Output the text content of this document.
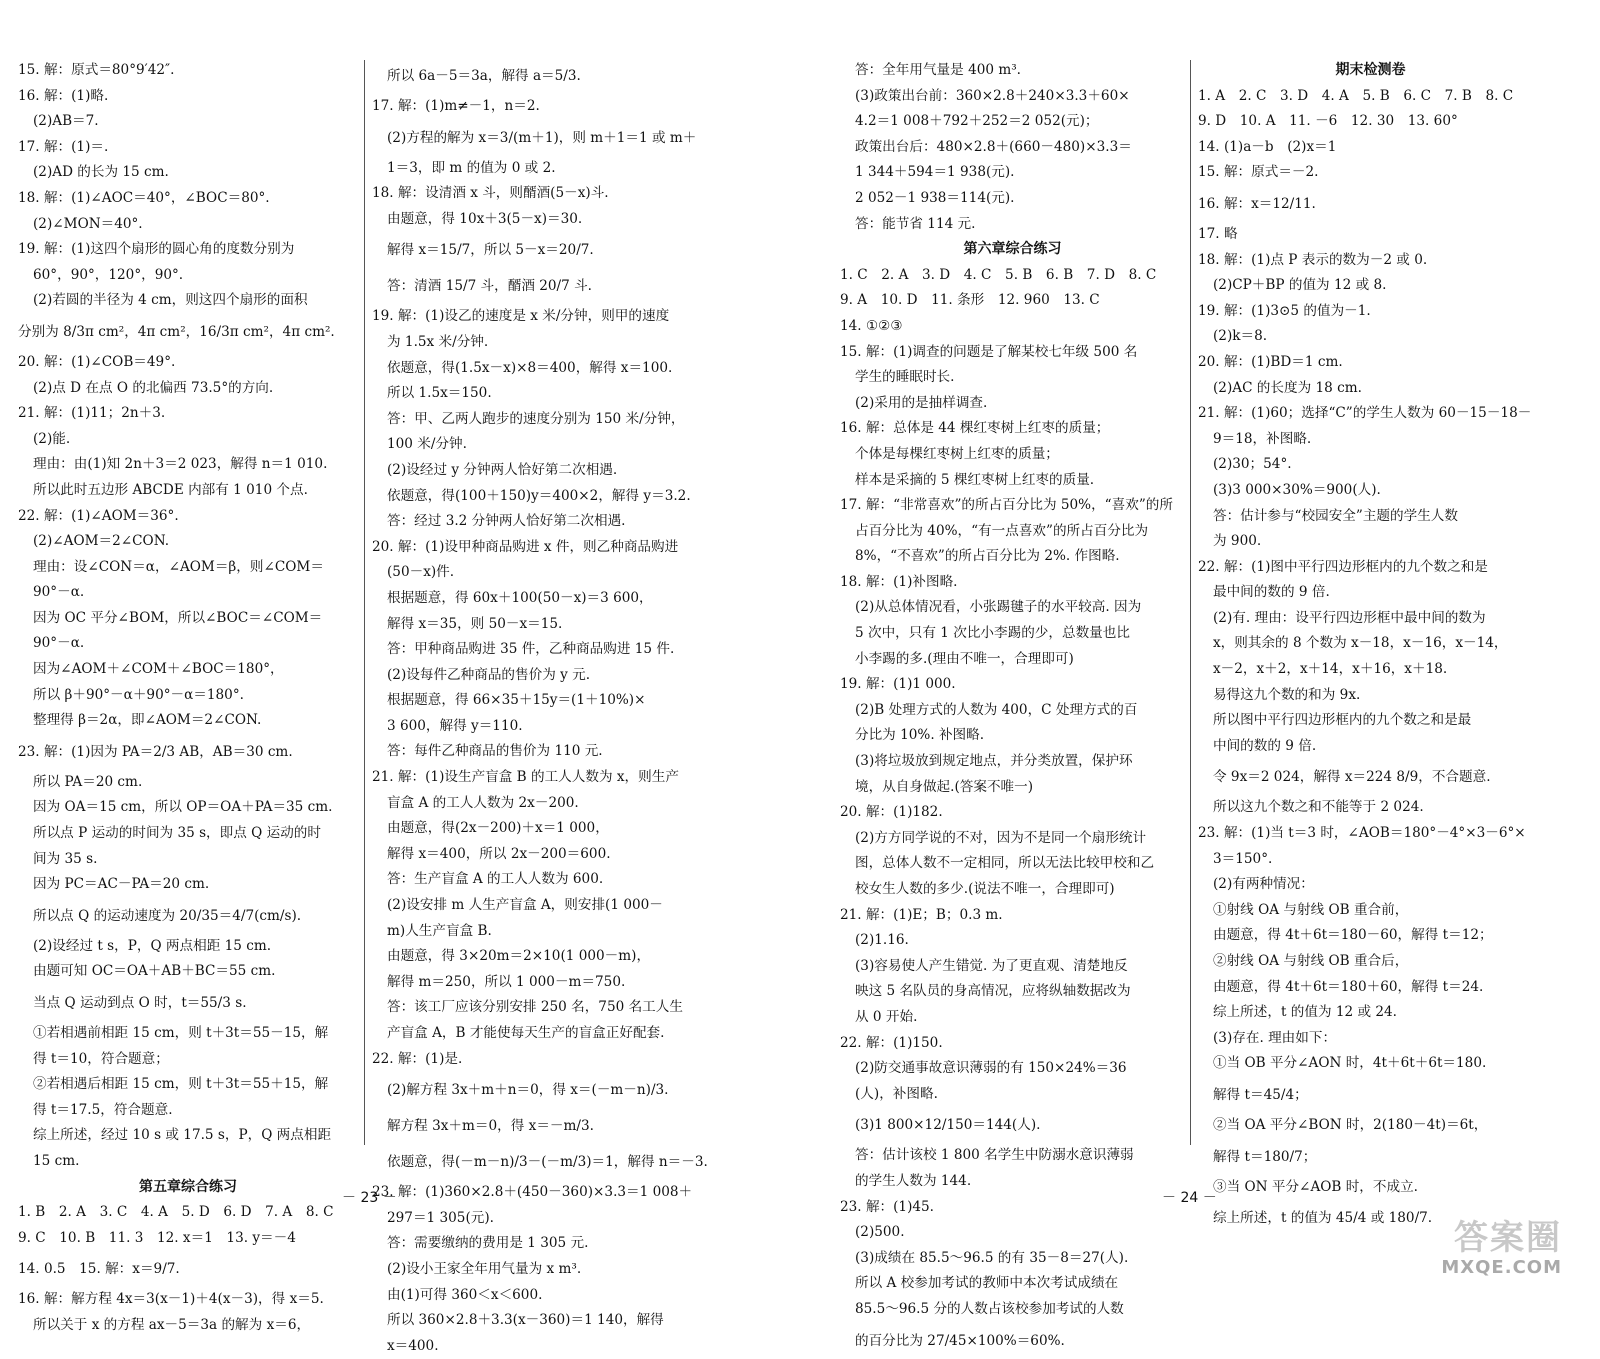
15. 解：原式＝80°9′42″.
16. 解：(1)略.
(2)AB＝7.
17. 解：(1)＝.
(2)AD 的长为 15 cm.
18. 解：(1)∠AOC＝40°，∠BOC＝80°.
(2)∠MON＝40°.
19. 解：(1)这四个扇形的圆心角的度数分别为
60°，90°，120°，90°.
(2)若圆的半径为 4 cm，则这四个扇形的面积
分别为 8/3π cm²，4π cm²，16/3π cm²，4π cm².
20. 解：(1)∠COB＝49°.
(2)点 D 在点 O 的北偏西 73.5°的方向.
21. 解：(1)11；2n＋3.
(2)能.
理由：由(1)知 2n＋3＝2 023，解得 n＝1 010.
所以此时五边形 ABCDE 内部有 1 010 个点.
22. 解：(1)∠AOM＝36°.
(2)∠AOM＝2∠CON.
理由：设∠CON＝α，∠AOM＝β，则∠COM＝
90°－α.
因为 OC 平分∠BOM，所以∠BOC＝∠COM＝
90°－α.
因为∠AOM＋∠COM＋∠BOC＝180°，
所以 β＋90°－α＋90°－α＝180°.
整理得 β＝2α，即∠AOM＝2∠CON.
23. 解：(1)因为 PA＝2/3 AB，AB＝30 cm.
所以 PA＝20 cm.
因为 OA＝15 cm，所以 OP＝OA＋PA＝35 cm.
所以点 P 运动的时间为 35 s，即点 Q 运动的时
间为 35 s.
因为 PC＝AC－PA＝20 cm.
所以点 Q 的运动速度为 20/35＝4/7(cm/s).
(2)设经过 t s，P，Q 两点相距 15 cm.
由题可知 OC＝OA＋AB＋BC＝55 cm.
当点 Q 运动到点 O 时，t＝55/3 s.
①若相遇前相距 15 cm，则 t＋3t＝55－15，解
得 t＝10，符合题意；
②若相遇后相距 15 cm，则 t＋3t＝55＋15，解
得 t＝17.5，符合题意.
综上所述，经过 10 s 或 17.5 s，P，Q 两点相距
15 cm.
第五章综合练习
1. B　2. A　3. C　4. A　5. D　6. D　7. A　8. C
9. C　10. B　11. 3　12. x＝1　13. y＝－4
14. 0.5　15. 解：x＝9/7.
16. 解：解方程 4x＝3(x－1)＋4(x－3)，得 x＝5.
所以关于 x 的方程 ax－5＝3a 的解为 x＝6，
所以 6a－5＝3a，解得 a＝5/3.
17. 解：(1)m≠－1，n＝2.
(2)方程的解为 x＝3/(m＋1)，则 m＋1＝1 或 m＋
1＝3，即 m 的值为 0 或 2.
18. 解：设清酒 x 斗，则醑酒(5－x)斗.
由题意，得 10x＋3(5－x)＝30.
解得 x＝15/7，所以 5－x＝20/7.
答：清酒 15/7 斗，醑酒 20/7 斗.
19. 解：(1)设乙的速度是 x 米/分钟，则甲的速度
为 1.5x 米/分钟.
依题意，得(1.5x－x)×8＝400，解得 x＝100.
所以 1.5x＝150.
答：甲、乙两人跑步的速度分别为 150 米/分钟，
100 米/分钟.
(2)设经过 y 分钟两人恰好第二次相遇.
依题意，得(100＋150)y＝400×2，解得 y＝3.2.
答：经过 3.2 分钟两人恰好第二次相遇.
20. 解：(1)设甲种商品购进 x 件，则乙种商品购进
(50－x)件.
根据题意，得 60x＋100(50－x)＝3 600，
解得 x＝35，则 50－x＝15.
答：甲种商品购进 35 件，乙种商品购进 15 件.
(2)设每件乙种商品的售价为 y 元.
根据题意，得 66×35＋15y＝(1＋10%)×
3 600，解得 y＝110.
答：每件乙种商品的售价为 110 元.
21. 解：(1)设生产盲盒 B 的工人人数为 x，则生产
盲盒 A 的工人人数为 2x－200.
由题意，得(2x－200)＋x＝1 000，
解得 x＝400，所以 2x－200＝600.
答：生产盲盒 A 的工人人数为 600.
(2)设安排 m 人生产盲盒 A，则安排(1 000－
m)人生产盲盒 B.
由题意，得 3×20m＝2×10(1 000－m)，
解得 m＝250，所以 1 000－m＝750.
答：该工厂应该分别安排 250 名，750 名工人生
产盲盒 A，B 才能使每天生产的盲盒正好配套.
22. 解：(1)是.
(2)解方程 3x＋m＋n＝0，得 x＝(－m－n)/3.
解方程 3x＋m＝0，得 x＝－m/3.
依题意，得(－m－n)/3－(－m/3)＝1，解得 n＝－3.
23. 解：(1)360×2.8＋(450－360)×3.3＝1 008＋
297＝1 305(元).
答：需要缴纳的费用是 1 305 元.
(2)设小王家全年用气量为 x m³.
由(1)可得 360＜x＜600.
所以 360×2.8＋3.3(x－360)＝1 140，解得
x＝400.
－ 23 －
答：全年用气量是 400 m³.
(3)政策出台前：360×2.8＋240×3.3＋60×
4.2＝1 008＋792＋252＝2 052(元)；
政策出台后：480×2.8＋(660－480)×3.3＝
1 344＋594＝1 938(元).
2 052－1 938＝114(元).
答：能节省 114 元.
第六章综合练习
1. C　2. A　3. D　4. C　5. B　6. B　7. D　8. C
9. A　10. D　11. 条形　12. 960　13. C
14. ①②③
15. 解：(1)调查的问题是了解某校七年级 500 名
学生的睡眠时长.
(2)采用的是抽样调查.
16. 解：总体是 44 棵红枣树上红枣的质量；
个体是每棵红枣树上红枣的质量；
样本是采摘的 5 棵红枣树上红枣的质量.
17. 解：“非常喜欢”的所占百分比为 50%，“喜欢”的所
占百分比为 40%，“有一点喜欢”的所占百分比为
8%，“不喜欢”的所占百分比为 2%. 作图略.
18. 解：(1)补图略.
(2)从总体情况看，小张踢毽子的水平较高. 因为
5 次中，只有 1 次比小李踢的少，总数量也比
小李踢的多.(理由不唯一，合理即可)
19. 解：(1)1 000.
(2)B 处理方式的人数为 400，C 处理方式的百
分比为 10%. 补图略.
(3)将垃圾放到规定地点，并分类放置，保护环
境，从自身做起.(答案不唯一)
20. 解：(1)182.
(2)方方同学说的不对，因为不是同一个扇形统计
图，总体人数不一定相同，所以无法比较甲校和乙
校女生人数的多少.(说法不唯一，合理即可)
21. 解：(1)E；B；0.3 m.
(2)1.16.
(3)容易使人产生错觉. 为了更直观、清楚地反
映这 5 名队员的身高情况，应将纵轴数据改为
从 0 开始.
22. 解：(1)150.
(2)防交通事故意识薄弱的有 150×24%＝36
(人)，补图略.
(3)1 800×12/150＝144(人).
答：估计该校 1 800 名学生中防溺水意识薄弱
的学生人数为 144.
23. 解：(1)45.
(2)500.
(3)成绩在 85.5～96.5 的有 35－8＝27(人).
所以 A 校参加考试的教师中本次考试成绩在
85.5～96.5 分的人数占该校参加考试的人数
的百分比为 27/45×100%＝60%.
期末检测卷
1. A　2. C　3. D　4. A　5. B　6. C　7. B　8. C
9. D　10. A　11. －6　12. 30　13. 60°
14. (1)a－b　(2)x＝1
15. 解：原式＝－2.
16. 解：x＝12/11.
17. 略
18. 解：(1)点 P 表示的数为－2 或 0.
(2)CP＋BP 的值为 12 或 8.
19. 解：(1)3⊙5 的值为－1.
(2)k＝8.
20. 解：(1)BD＝1 cm.
(2)AC 的长度为 18 cm.
21. 解：(1)60；选择“C”的学生人数为 60－15－18－
9＝18，补图略.
(2)30；54°.
(3)3 000×30%＝900(人).
答：估计参与“校园安全”主题的学生人数
为 900.
22. 解：(1)图中平行四边形框内的九个数之和是
最中间的数的 9 倍.
(2)有. 理由：设平行四边形框中最中间的数为
x，则其余的 8 个数为 x－18，x－16，x－14，
x－2，x＋2，x＋14，x＋16，x＋18.
易得这九个数的和为 9x.
所以图中平行四边形框内的九个数之和是最
中间的数的 9 倍.
令 9x＝2 024，解得 x＝224 8/9，不合题意.
所以这九个数之和不能等于 2 024.
23. 解：(1)当 t＝3 时，∠AOB＝180°－4°×3－6°×
3＝150°.
(2)有两种情况：
①射线 OA 与射线 OB 重合前，
由题意，得 4t＋6t＝180－60，解得 t＝12；
②射线 OA 与射线 OB 重合后，
由题意，得 4t＋6t＝180＋60，解得 t＝24.
综上所述，t 的值为 12 或 24.
(3)存在. 理由如下：
①当 OB 平分∠AON 时，4t＋6t＋6t＝180.
解得 t＝45/4；
②当 OA 平分∠BON 时，2(180－4t)＝6t，
解得 t＝180/7；
③当 ON 平分∠AOB 时，不成立.
综上所述，t 的值为 45/4 或 180/7.
－ 24 －
答案圈
MXQE.COM
